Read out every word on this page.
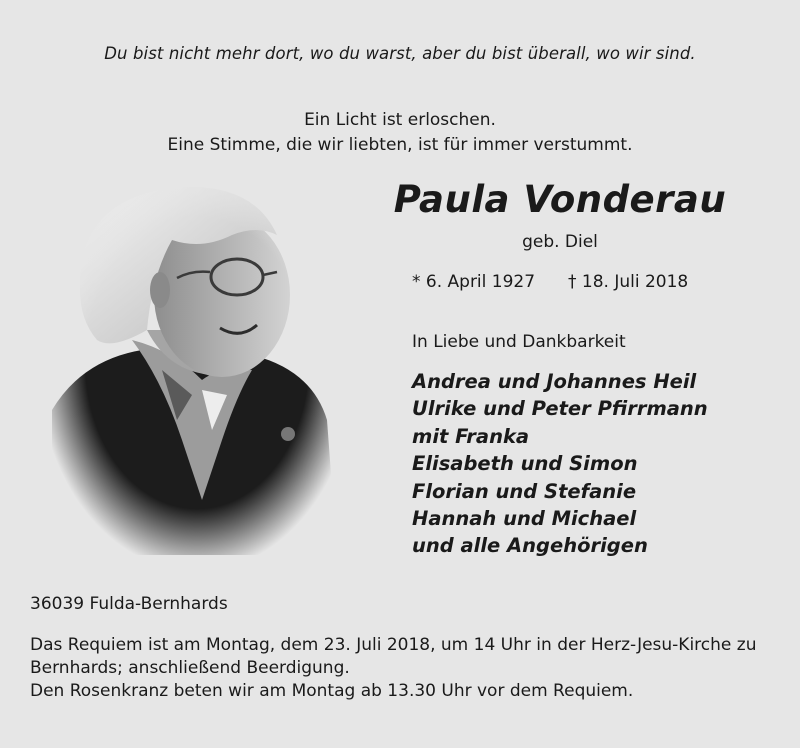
Du bist nicht mehr dort, wo du warst, aber du bist überall, wo wir sind.
Ein Licht ist erloschen.
Eine Stimme, die wir liebten, ist für immer verstummt.
Paula Vonderau
geb. Diel
* 6. April 1927 † 18. Juli 2018
In Liebe und Dankbarkeit
Andrea und Johannes Heil
Ulrike und Peter Pfirrmann
mit Franka
Elisabeth und Simon
Florian und Stefanie
Hannah und Michael
und alle Angehörigen
36039 Fulda-Bernhards
Das Requiem ist am Montag, dem 23. Juli 2018, um 14 Uhr in der Herz-Jesu-Kirche zu
Bernhards; anschließend Beerdigung.
Den Rosenkranz beten wir am Montag ab 13.30 Uhr vor dem Requiem.
